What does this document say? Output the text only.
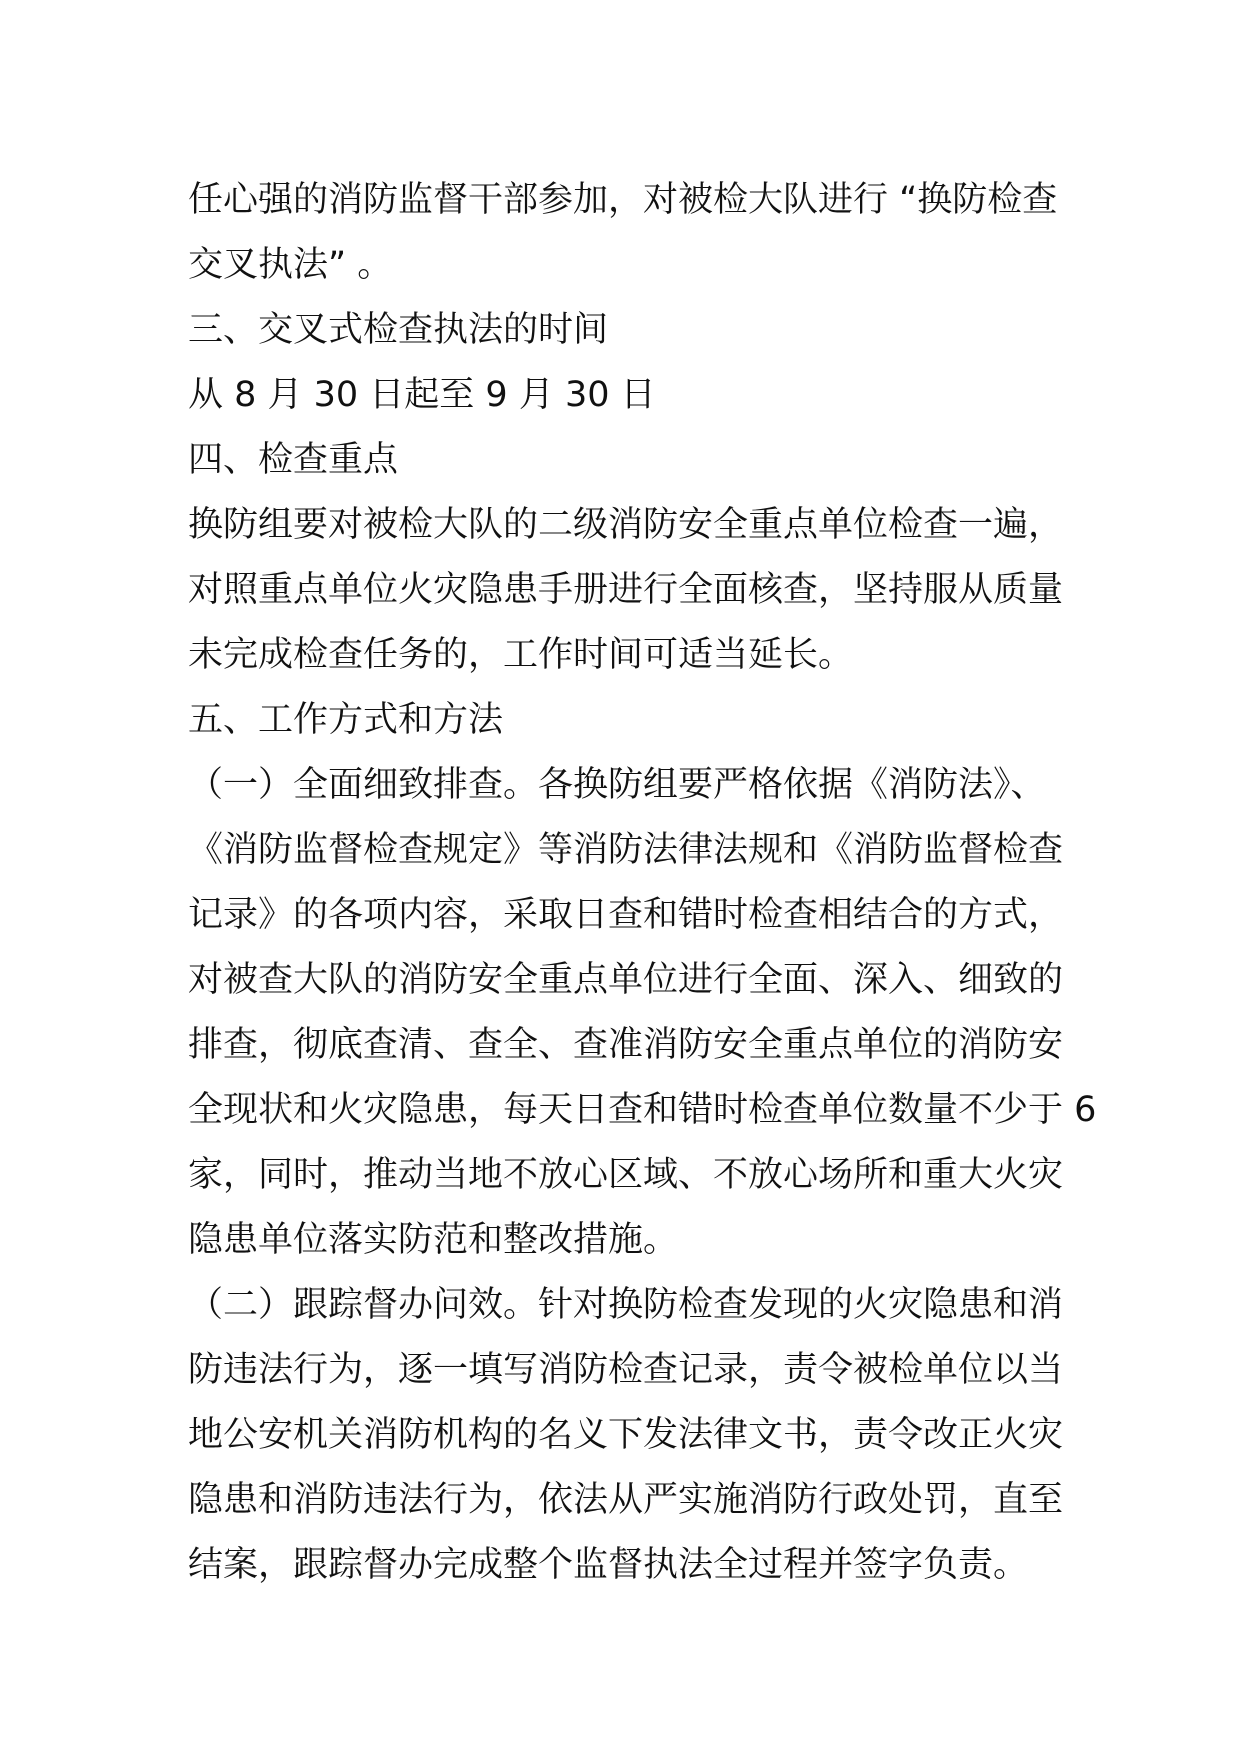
任心强的消防监督干部参加，对被检大队进行 “换防检查
交叉执法” 。
三、交叉式检查执法的时间
从 8 月 30 日起至 9 月 30 日
四、检查重点
换防组要对被检大队的二级消防安全重点单位检查一遍，
对照重点单位火灾隐患手册进行全面核查，坚持服从质量
未完成检查任务的，工作时间可适当延长。
五、工作方式和方法
（一）全面细致排查。各换防组要严格依据《消防法》、
《消防监督检查规定》等消防法律法规和《消防监督检查
记录》的各项内容，采取日查和错时检查相结合的方式，
对被查大队的消防安全重点单位进行全面、深入、细致的
排查，彻底查清、查全、查准消防安全重点单位的消防安
全现状和火灾隐患，每天日查和错时检查单位数量不少于 6
家，同时，推动当地不放心区域、不放心场所和重大火灾
隐患单位落实防范和整改措施。
（二）跟踪督办问效。针对换防检查发现的火灾隐患和消
防违法行为，逐一填写消防检查记录，责令被检单位以当
地公安机关消防机构的名义下发法律文书，责令改正火灾
隐患和消防违法行为，依法从严实施消防行政处罚，直至
结案，跟踪督办完成整个监督执法全过程并签字负责。
